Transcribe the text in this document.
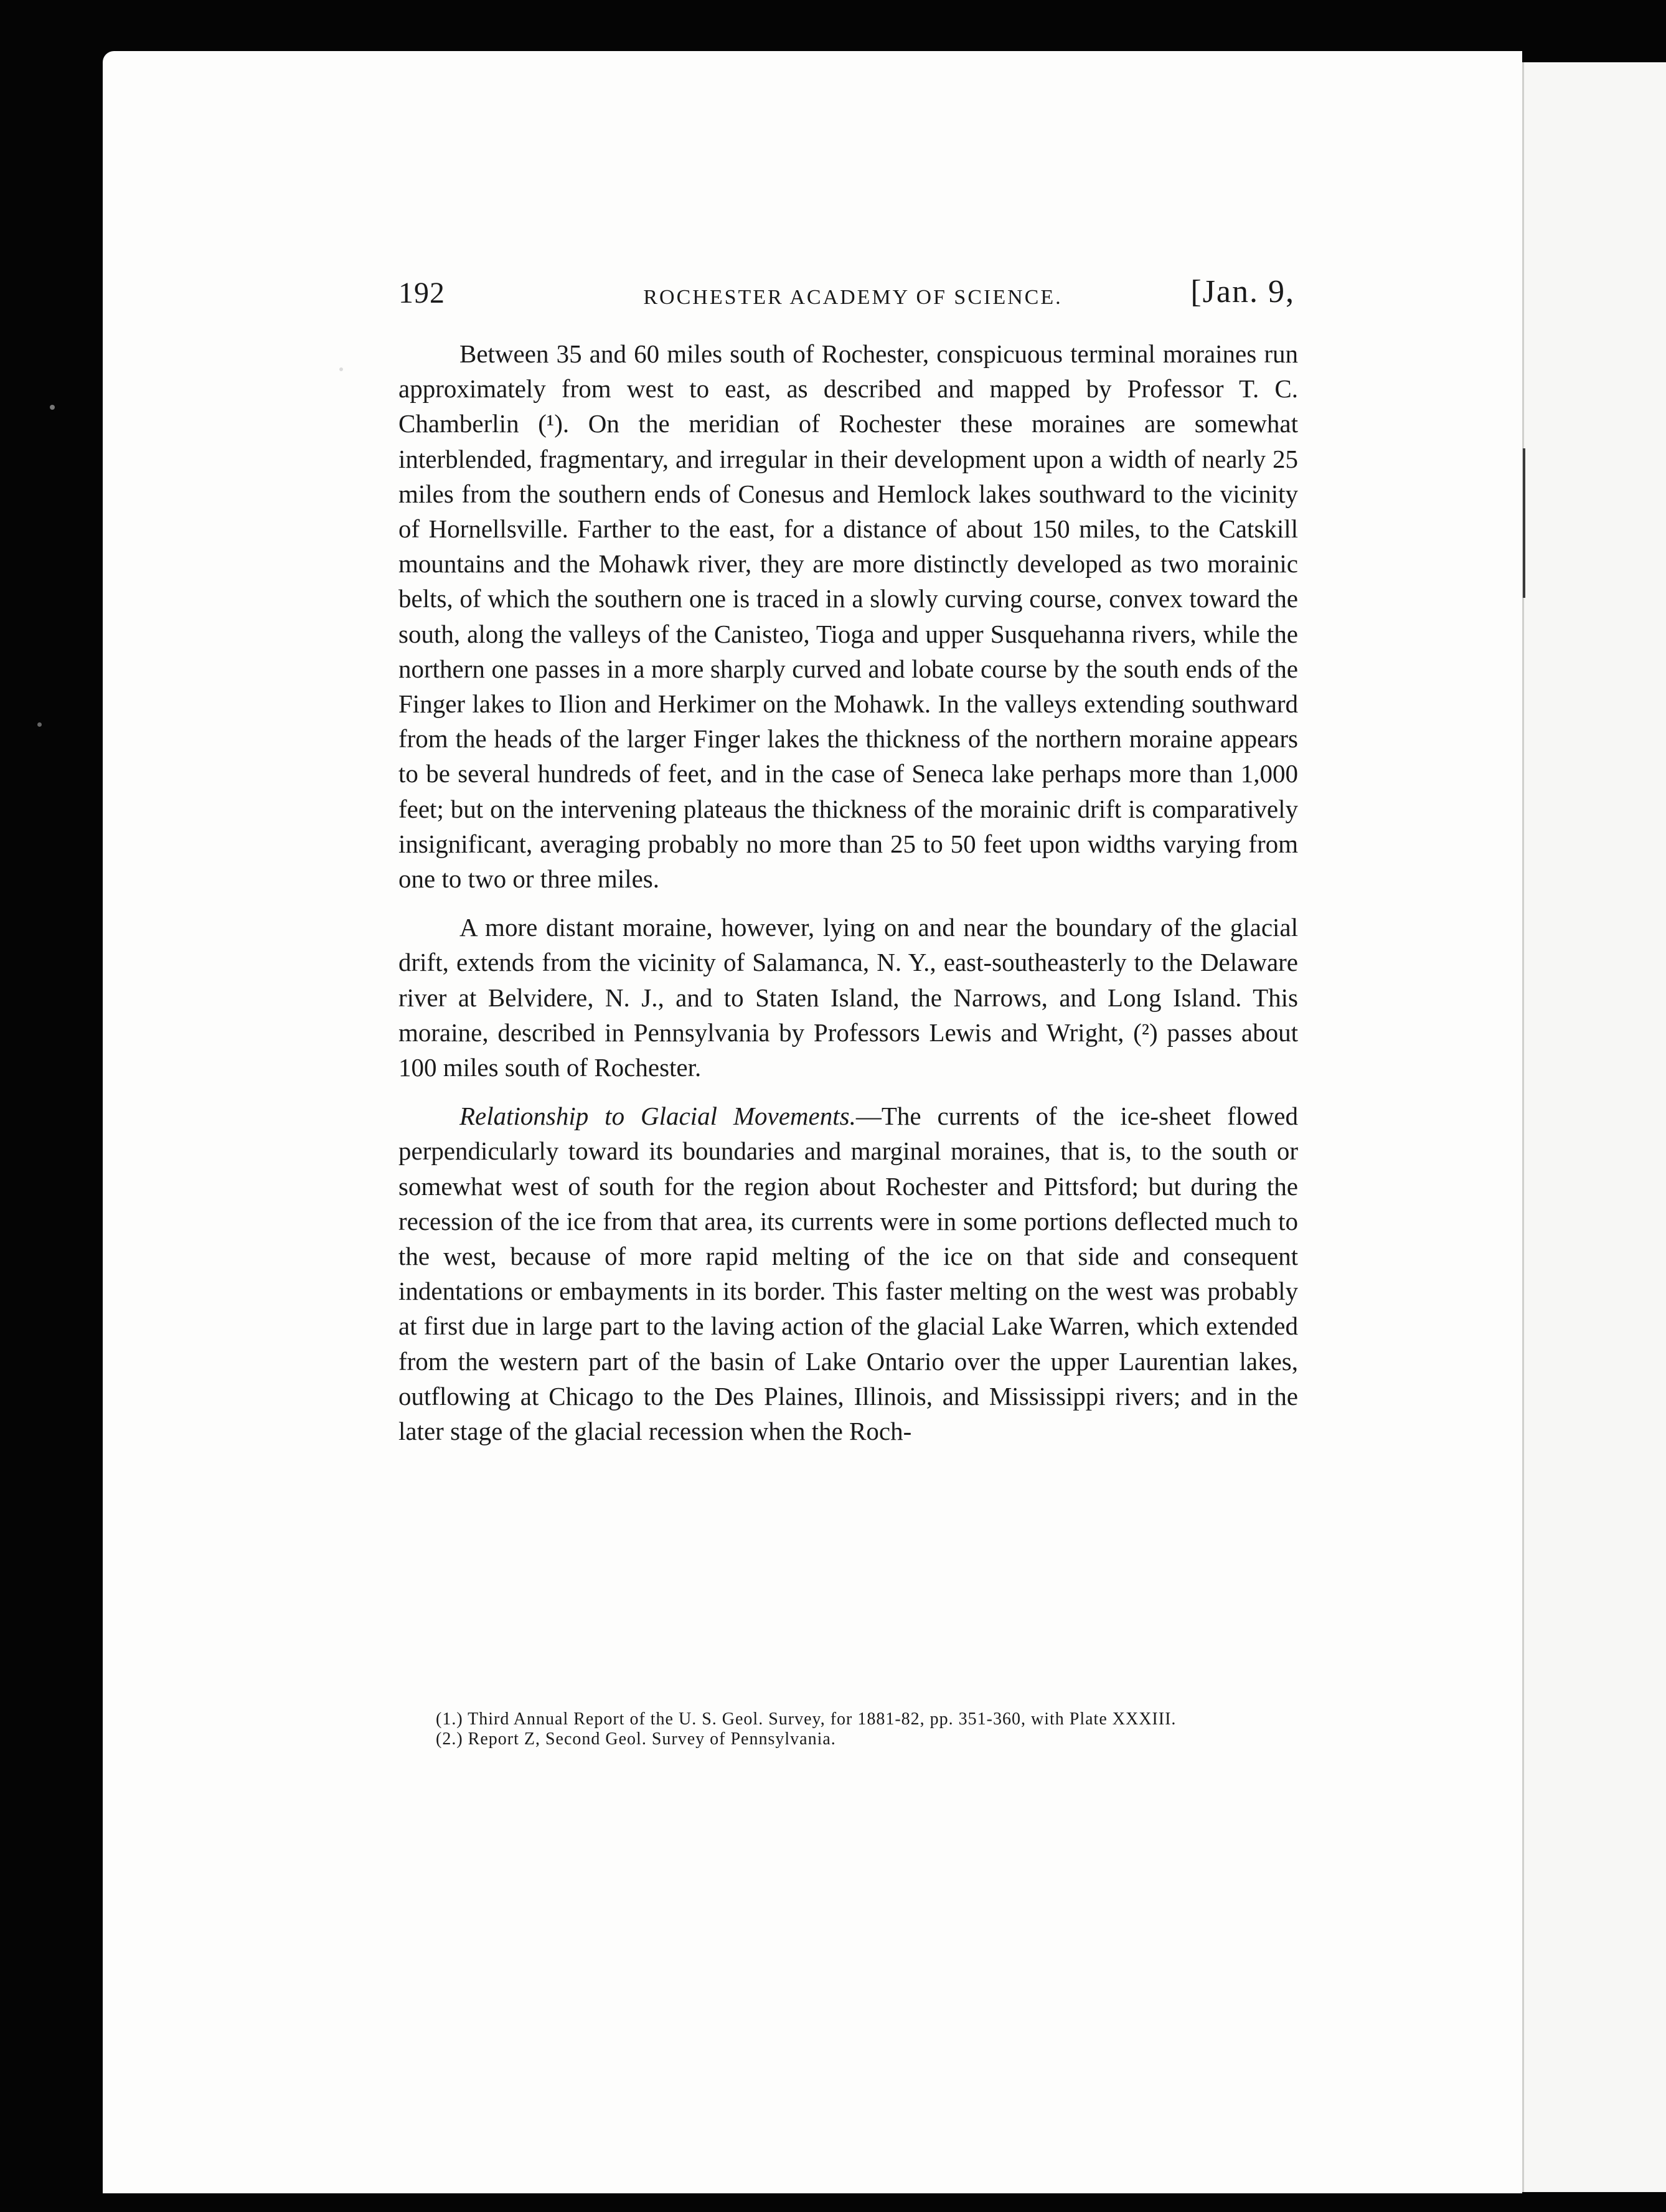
192	ROCHESTER ACADEMY OF SCIENCE.	[Jan. 9,

Between 35 and 60 miles south of Rochester, conspicuous terminal moraines run approximately from west to east, as described and mapped by Professor T. C. Chamberlin (¹). On the meridian of Rochester these moraines are somewhat interblended, fragmentary, and irregular in their development upon a width of nearly 25 miles from the southern ends of Conesus and Hemlock lakes southward to the vicinity of Hornellsville. Farther to the east, for a distance of about 150 miles, to the Catskill mountains and the Mohawk river, they are more distinctly developed as two morainic belts, of which the southern one is traced in a slowly curving course, convex toward the south, along the valleys of the Canisteo, Tioga and upper Susquehanna rivers, while the northern one passes in a more sharply curved and lobate course by the south ends of the Finger lakes to Ilion and Herkimer on the Mohawk. In the valleys extending southward from the heads of the larger Finger lakes the thickness of the northern moraine appears to be several hundreds of feet, and in the case of Seneca lake perhaps more than 1,000 feet; but on the intervening plateaus the thickness of the morainic drift is comparatively insignificant, averaging probably no more than 25 to 50 feet upon widths varying from one to two or three miles.

A more distant moraine, however, lying on and near the boundary of the glacial drift, extends from the vicinity of Salamanca, N. Y., east-southeasterly to the Delaware river at Belvidere, N. J., and to Staten Island, the Narrows, and Long Island. This moraine, described in Pennsylvania by Professors Lewis and Wright, (²) passes about 100 miles south of Rochester.

Relationship to Glacial Movements.—The currents of the ice-sheet flowed perpendicularly toward its boundaries and marginal moraines, that is, to the south or somewhat west of south for the region about Rochester and Pittsford; but during the recession of the ice from that area, its currents were in some portions deflected much to the west, because of more rapid melting of the ice on that side and consequent indentations or embayments in its border. This faster melting on the west was probably at first due in large part to the laving action of the glacial Lake Warren, which extended from the western part of the basin of Lake Ontario over the upper Laurentian lakes, outflowing at Chicago to the Des Plaines, Illinois, and Mississippi rivers; and in the later stage of the glacial recession when the Roch-

(1.) Third Annual Report of the U. S. Geol. Survey, for 1881-82, pp. 351-360, with Plate XXXIII.

(2.) Report Z, Second Geol. Survey of Pennsylvania.
